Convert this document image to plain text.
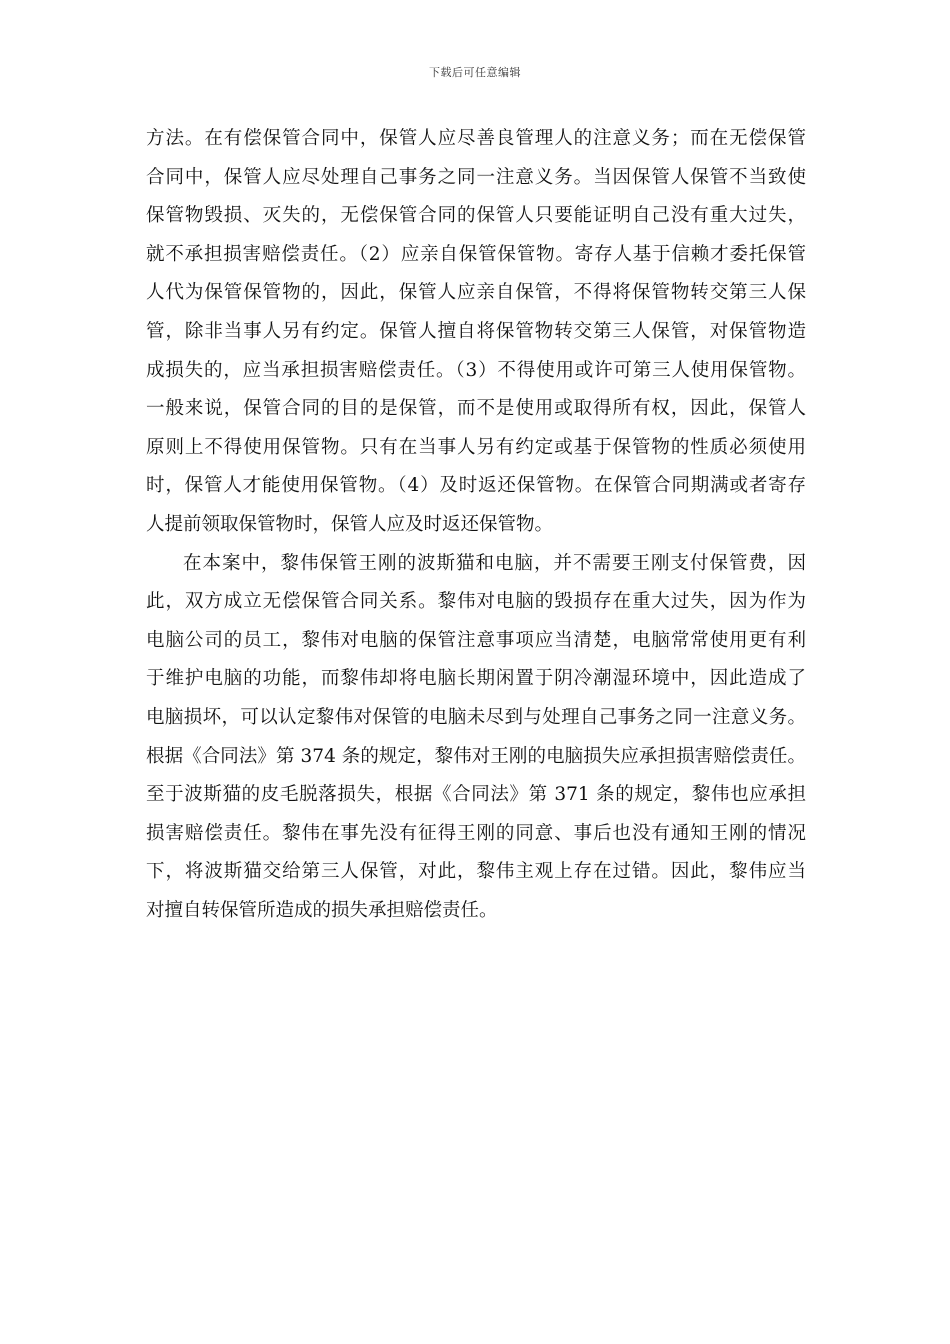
下载后可任意编辑
方法。在有偿保管合同中，保管人应尽善良管理人的注意义务；而在无偿保管
合同中，保管人应尽处理自己事务之同一注意义务。当因保管人保管不当致使
保管物毁损、灭失的，无偿保管合同的保管人只要能证明自己没有重大过失，
就不承担损害赔偿责任。（2）应亲自保管保管物。寄存人基于信赖才委托保管
人代为保管保管物的，因此，保管人应亲自保管，不得将保管物转交第三人保
管，除非当事人另有约定。保管人擅自将保管物转交第三人保管，对保管物造
成损失的，应当承担损害赔偿责任。（3）不得使用或许可第三人使用保管物。
一般来说，保管合同的目的是保管，而不是使用或取得所有权，因此，保管人
原则上不得使用保管物。只有在当事人另有约定或基于保管物的性质必须使用
时，保管人才能使用保管物。（4）及时返还保管物。在保管合同期满或者寄存
人提前领取保管物时，保管人应及时返还保管物。
在本案中，黎伟保管王刚的波斯猫和电脑，并不需要王刚支付保管费，因
此，双方成立无偿保管合同关系。黎伟对电脑的毁损存在重大过失，因为作为
电脑公司的员工，黎伟对电脑的保管注意事项应当清楚，电脑常常使用更有利
于维护电脑的功能，而黎伟却将电脑长期闲置于阴冷潮湿环境中，因此造成了
电脑损坏，可以认定黎伟对保管的电脑未尽到与处理自己事务之同一注意义务。
根据《合同法》第 374 条的规定，黎伟对王刚的电脑损失应承担损害赔偿责任。
至于波斯猫的皮毛脱落损失，根据《合同法》第 371 条的规定，黎伟也应承担
损害赔偿责任。黎伟在事先没有征得王刚的同意、事后也没有通知王刚的情况
下，将波斯猫交给第三人保管，对此，黎伟主观上存在过错。因此，黎伟应当
对擅自转保管所造成的损失承担赔偿责任。
